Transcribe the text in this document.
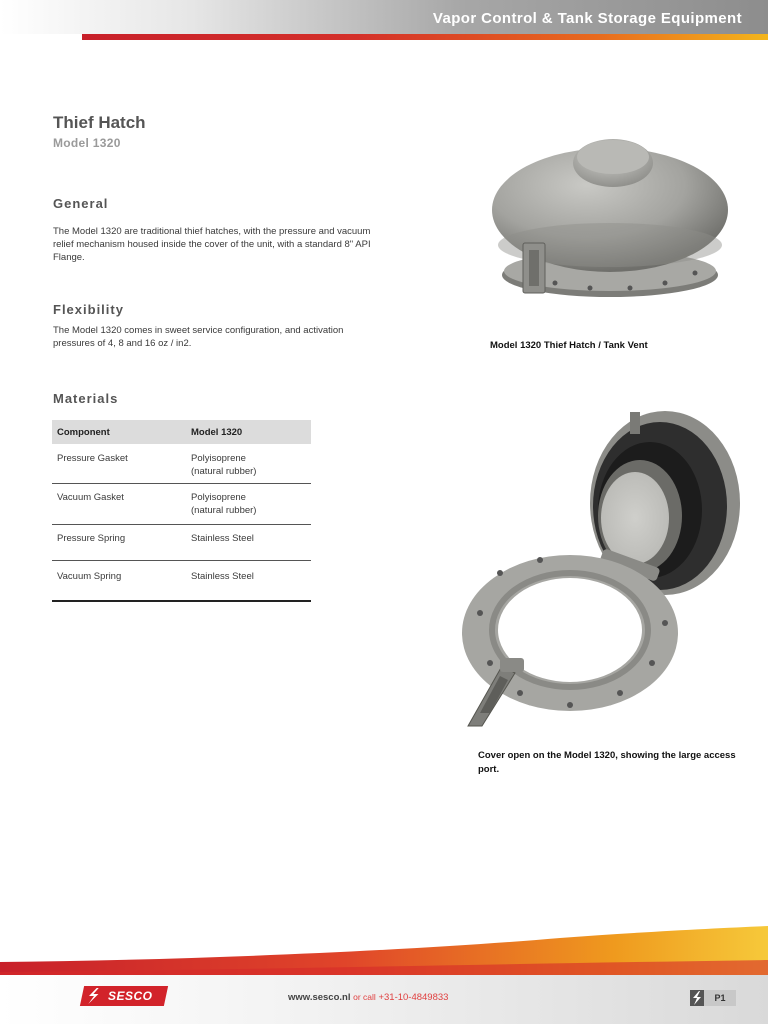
Vapor Control & Tank Storage Equipment
Thief Hatch
Model 1320
General
The Model 1320 are traditional thief hatches, with the pressure and vacuum relief mechanism housed inside the cover of the unit, with a standard 8" API Flange.
Flexibility
The Model 1320 comes in sweet service configuration, and activation pressures of 4, 8 and 16 oz / in2.
Materials
Component	Model 1320
Pressure Gasket	Polyisoprene
(natural rubber)
Vacuum Gasket	Polyisoprene
(natural rubber)
Pressure Spring	Stainless Steel
Vacuum Spring	Stainless Steel
Model 1320 Thief Hatch / Tank Vent
Cover open on the Model 1320, showing the large access port.
SESCO	www.sesco.nl or call +31-10-4849833	P1
